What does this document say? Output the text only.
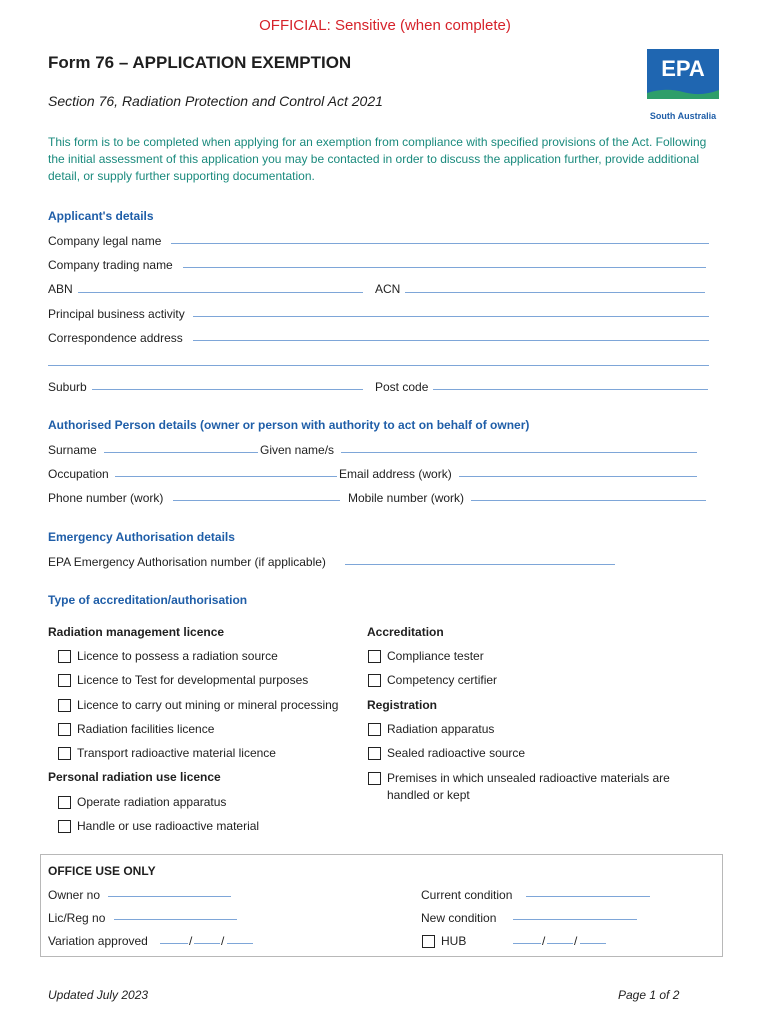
OFFICIAL: Sensitive (when complete)
Form 76 – APPLICATION EXEMPTION
Section 76, Radiation Protection and Control Act 2021
EPA
South Australia

This form is to be completed when applying for an exemption from compliance with specified provisions of the Act. Following the initial assessment of this application you may be contacted in order to discuss the application further, provide additional detail, or supply further supporting documentation.

Applicant's details
Company legal name
Company trading name
ABN	ACN
Principal business activity
Correspondence address
Suburb	Post code
Authorised Person details (owner or person with authority to act on behalf of owner)
Surname	Given name/s
Occupation	Email address (work)
Phone number (work)	Mobile number (work)
Emergency Authorisation details
EPA Emergency Authorisation number (if applicable)
Type of accreditation/authorisation
Radiation management licence
Licence to possess a radiation source
Licence to Test for developmental purposes
Licence to carry out mining or mineral processing
Radiation facilities licence
Transport radioactive material licence
Personal radiation use licence
Operate radiation apparatus
Handle or use radioactive material
Accreditation
Compliance tester
Competency certifier
Registration
Radiation apparatus
Sealed radioactive source
Premises in which unsealed radioactive materials are handled or kept
OFFICE USE ONLY
Owner no	Current condition
Lic/Reg no	New condition
Variation approved	/ /	HUB	/ /
Updated July 2023	Page 1 of 2
